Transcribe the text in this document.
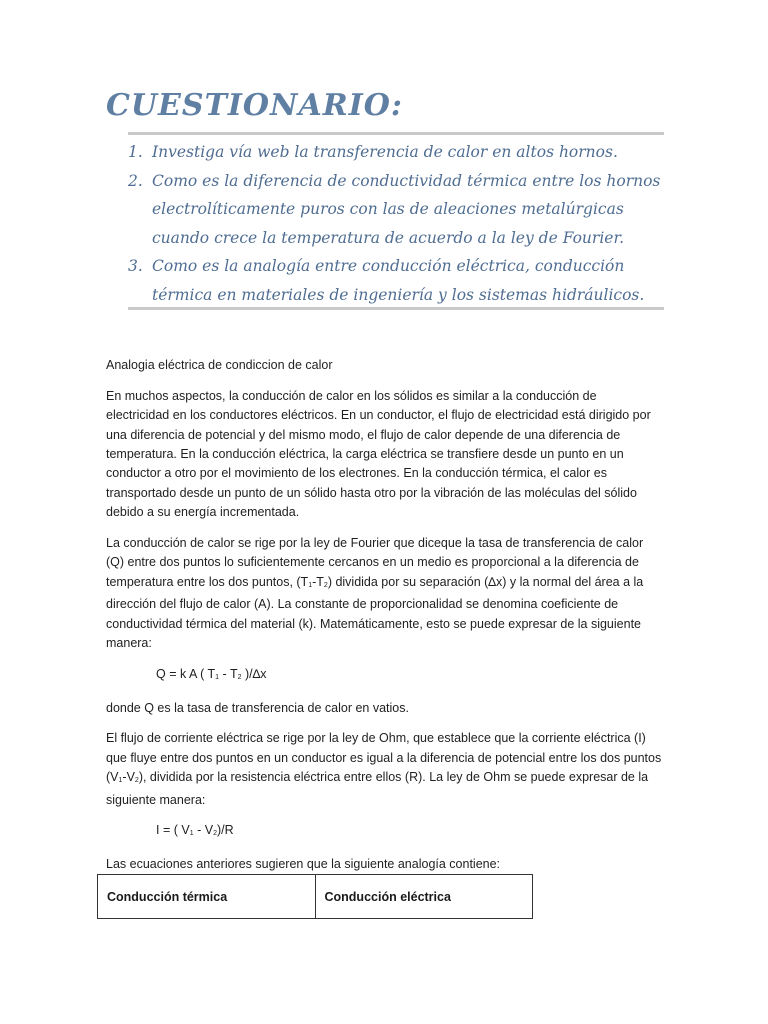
CUESTIONARIO:
1. Investiga vía web la transferencia de calor en altos hornos.
2. Como es la diferencia de conductividad térmica entre los hornos electrolíticamente puros con las de aleaciones metalúrgicas cuando crece la temperatura de acuerdo a la ley de Fourier.
3. Como es la analogía entre conducción eléctrica, conducción térmica en materiales de ingeniería y los sistemas hidráulicos.

Analogia eléctrica de condiccion de calor

En muchos aspectos, la conducción de calor en los sólidos es similar a la conducción de electricidad en los conductores eléctricos. En un conductor, el flujo de electricidad está dirigido por una diferencia de potencial y del mismo modo, el flujo de calor depende de una diferencia de temperatura. En la conducción eléctrica, la carga eléctrica se transfiere desde un punto en un conductor a otro por el movimiento de los electrones. En la conducción térmica, el calor es transportado desde un punto de un sólido hasta otro por la vibración de las moléculas del sólido debido a su energía incrementada.

La conducción de calor se rige por la ley de Fourier que diceque la tasa de transferencia de calor (Q) entre dos puntos lo suficientemente cercanos en un medio es proporcional a la diferencia de temperatura entre los dos puntos, $(T_1-T_2)$ dividida por su separación (∆x) y la normal del área a la dirección del flujo de calor (A). La constante de proporcionalidad se denomina coeficiente de conductividad térmica del material (k). Matemáticamente, esto se puede expresar de la siguiente manera:

Q = k A ( $T_1 - T_2$ )/∆x

donde Q es la tasa de transferencia de calor en vatios.

El flujo de corriente eléctrica se rige por la ley de Ohm, que establece que la corriente eléctrica (I) que fluye entre dos puntos en un conductor es igual a la diferencia de potencial entre los dos puntos $(V_1-V_2)$, dividida por la resistencia eléctrica entre ellos (R). La ley de Ohm se puede expresar de la siguiente manera:

I = ( $V_1 - V_2)/R$

Las ecuaciones anteriores sugieren que la siguiente analogía contiene:

Conducción térmica	Conducción eléctrica
